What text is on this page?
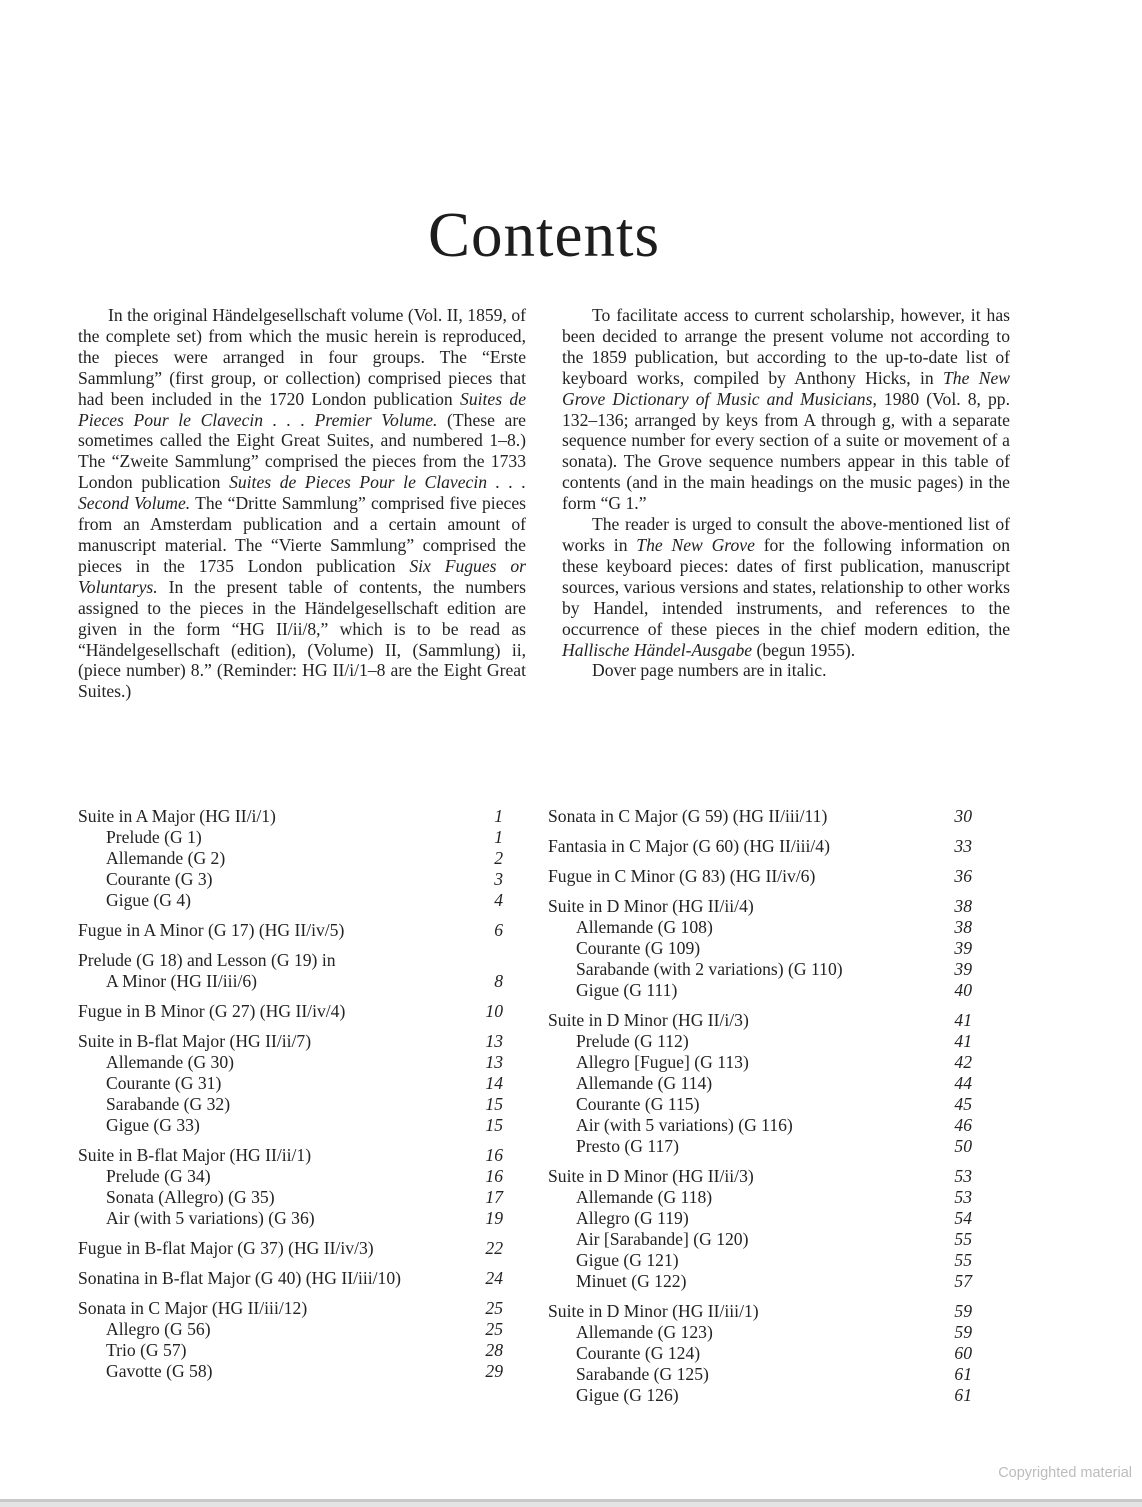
Contents

In the original Händelgesellschaft volume (Vol. II, 1859, of the complete set) from which the music herein is reproduced, the pieces were arranged in four groups. The “Erste Sammlung” (first group, or collection) comprised pieces that had been included in the 1720 London publication Suites de Pieces Pour le Clavecin . . . Premier Volume. (These are sometimes called the Eight Great Suites, and numbered 1–8.) The “Zweite Sammlung” comprised the pieces from the 1733 London publication Suites de Pieces Pour le Clavecin . . . Second Volume. The “Dritte Sammlung” comprised five pieces from an Amsterdam publication and a certain amount of manuscript material. The “Vierte Sammlung” comprised the pieces in the 1735 London publication Six Fugues or Voluntarys. In the present table of contents, the numbers assigned to the pieces in the Händelgesellschaft edition are given in the form “HG II/ii/8,” which is to be read as “Händelgesellschaft (edition), (Volume) II, (Sammlung) ii, (piece number) 8.” (Reminder: HG II/i/1–8 are the Eight Great Suites.)

To facilitate access to current scholarship, however, it has been decided to arrange the present volume not according to the 1859 publication, but according to the up-to-date list of keyboard works, compiled by Anthony Hicks, in The New Grove Dictionary of Music and Musicians, 1980 (Vol. 8, pp. 132–136; arranged by keys from A through g, with a separate sequence number for every section of a suite or movement of a sonata). The Grove sequence numbers appear in this table of contents (and in the main headings on the music pages) in the form “G 1.”

The reader is urged to consult the above-mentioned list of works in The New Grove for the following information on these keyboard pieces: dates of first publication, manuscript sources, various versions and states, relationship to other works by Handel, intended instruments, and references to the occurrence of these pieces in the chief modern edition, the Hallische Händel-Ausgabe (begun 1955).

Dover page numbers are in italic.

Suite in A Major (HG II/i/1)	1
Prelude (G 1)	1
Allemande (G 2)	2
Courante (G 3)	3
Gigue (G 4)	4
Fugue in A Minor (G 17) (HG II/iv/5)	6
Prelude (G 18) and Lesson (G 19) in
A Minor (HG II/iii/6)	8
Fugue in B Minor (G 27) (HG II/iv/4)	10
Suite in B-flat Major (HG II/ii/7)	13
Allemande (G 30)	13
Courante (G 31)	14
Sarabande (G 32)	15
Gigue (G 33)	15
Suite in B-flat Major (HG II/ii/1)	16
Prelude (G 34)	16
Sonata (Allegro) (G 35)	17
Air (with 5 variations) (G 36)	19
Fugue in B-flat Major (G 37) (HG II/iv/3)	22
Sonatina in B-flat Major (G 40) (HG II/iii/10)	24
Sonata in C Major (HG II/iii/12)	25
Allegro (G 56)	25
Trio (G 57)	28
Gavotte (G 58)	29
Sonata in C Major (G 59) (HG II/iii/11)	30
Fantasia in C Major (G 60) (HG II/iii/4)	33
Fugue in C Minor (G 83) (HG II/iv/6)	36
Suite in D Minor (HG II/ii/4)	38
Allemande (G 108)	38
Courante (G 109)	39
Sarabande (with 2 variations) (G 110)	39
Gigue (G 111)	40
Suite in D Minor (HG II/i/3)	41
Prelude (G 112)	41
Allegro [Fugue] (G 113)	42
Allemande (G 114)	44
Courante (G 115)	45
Air (with 5 variations) (G 116)	46
Presto (G 117)	50
Suite in D Minor (HG II/ii/3)	53
Allemande (G 118)	53
Allegro (G 119)	54
Air [Sarabande] (G 120)	55
Gigue (G 121)	55
Minuet (G 122)	57
Suite in D Minor (HG II/iii/1)	59
Allemande (G 123)	59
Courante (G 124)	60
Sarabande (G 125)	61
Gigue (G 126)	61
Copyrighted material
